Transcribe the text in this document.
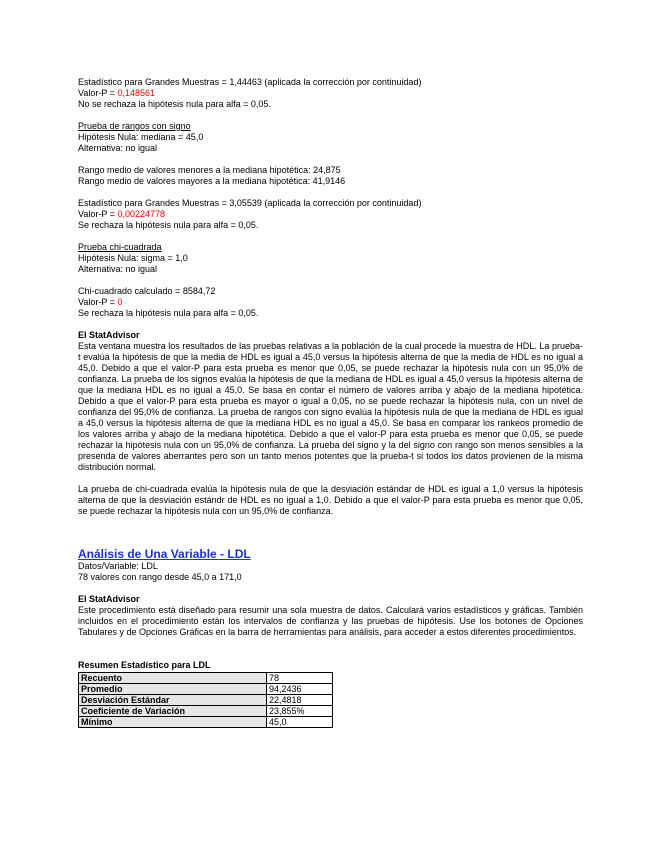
Estadístico para Grandes Muestras = 1,44463 (aplicada la corrección por continuidad)

Valor-P = 0,148561

No se rechaza la hipótesis nula para alfa = 0,05.

Prueba de rangos con signo

Hipótesis Nula: mediana = 45,0

Alternativa: no igual

Rango medio de valores menores a la mediana hipotética: 24,875

Rango medio de valores mayores a la mediana hipotética: 41,9146

Estadístico para Grandes Muestras = 3,05539 (aplicada la corrección por continuidad)

Valor-P = 0,00224778

Se rechaza la hipótesis nula para alfa = 0,05.

Prueba chi-cuadrada

Hipótesis Nula: sigma = 1,0

Alternativa: no igual

Chi-cuadrado calculado = 8584,72

Valor-P = 0

Se rechaza la hipótesis nula para alfa = 0,05.

El StatAdvisor

Esta ventana muestra los resultados de las pruebas relativas a la población de la cual procede la muestra de HDL. La prueba-t evalúa la hipótesis de que la media de HDL es igual a 45,0 versus la hipótesis alterna de que la media de HDL es no igual a 45,0. Debido a que el valor-P para esta prueba es menor que 0,05, se puede rechazar la hipótesis nula con un 95,0% de confianza. La prueba de los signos evalúa la hipótesis de que la mediana de HDL es igual a 45,0 versus la hipótesis alterna de que la mediana HDL es no igual a 45,0. Se basa en contar el número de valores arriba y abajo de la mediana hipotética. Debido a que el valor-P para esta prueba es mayor o igual a 0,05, no se puede rechazar la hipótesis nula, con un nivel de confianza del 95,0% de confianza. La prueba de rangos con signo evalúa la hipótesis nula de que la mediana de HDL es igual a 45,0 versus la hipótesis alterna de que la mediana HDL es no igual a 45,0. Se basa en comparar los rankeos promedio de los valores arriba y abajo de la mediana hipotética. Debido a que el valor-P para esta prueba es menor que 0,05, se puede rechazar la hipótesis nula con un 95,0% de confianza. La prueba del signo y la del signo con rango son menos sensibles a la presenda de valores aberrantes pero son un tanto menos potentes que la prueba-t si todos los datos provienen de la misma distribución normal.

La prueba de chi-cuadrada evalúa la hipótesis nula de que la desviación estándar de HDL es igual a 1,0 versus la hipótesis alterna de que la desviación estándr de HDL es no igual a 1,0. Debido a que el valor-P para esta prueba es menor que 0,05, se puede rechazar la hipótesis nula con un 95,0% de confianza.

Análisis de Una Variable - LDL

Datos/Variable: LDL

78 valores con rango desde 45,0 a 171,0

El StatAdvisor

Este procedimiento está diseñado para resumir una sola muestra de datos. Calculará varios estadísticos y gráficas. También incluidos en el procedimiento están los intervalos de confianza y las pruebas de hipótesis. Use los botones de Opciones Tabulares y de Opciones Gráficas en la barra de herramientas para análisis, para acceder a estos diferentes procedimientos.

Resumen Estadístico para LDL

Recuento	78
Promedio	94,2436
Desviación Estándar	22,4818
Coeficiente de Variación	23,855%
Mínimo	45,0
